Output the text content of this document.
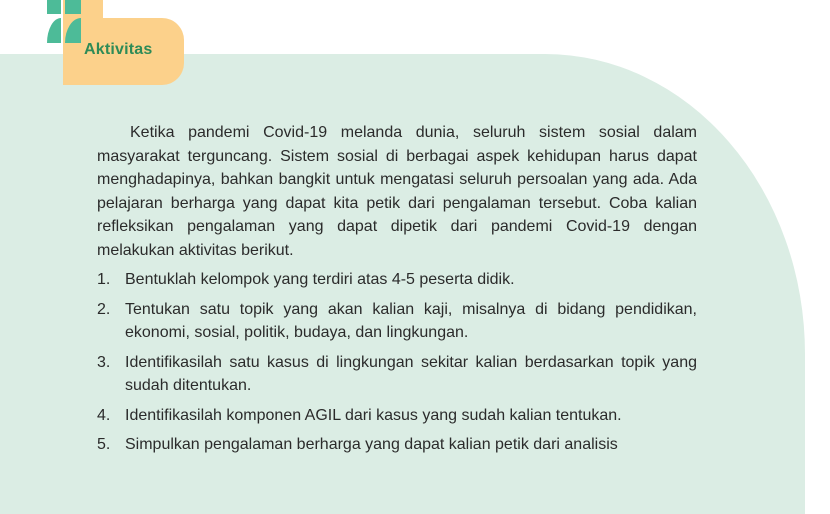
Aktivitas

Ketika pandemi Covid-19 melanda dunia, seluruh sistem sosial dalam masyarakat terguncang. Sistem sosial di berbagai aspek kehidupan harus dapat menghadapinya, bahkan bangkit untuk mengatasi seluruh persoalan yang ada. Ada pelajaran berharga yang dapat kita petik dari pengalaman tersebut. Coba kalian refleksikan pengalaman yang dapat dipetik dari pandemi Covid-19 dengan melakukan aktivitas berikut.

1. Bentuklah kelompok yang terdiri atas 4-5 peserta didik.
2. Tentukan satu topik yang akan kalian kaji, misalnya di bidang pendidikan, ekonomi, sosial, politik, budaya, dan lingkungan.
3. Identifikasilah satu kasus di lingkungan sekitar kalian berdasarkan topik yang sudah ditentukan.
4. Identifikasilah komponen AGIL dari kasus yang sudah kalian tentukan.
5. Simpulkan pengalaman berharga yang dapat kalian petik dari analisis
